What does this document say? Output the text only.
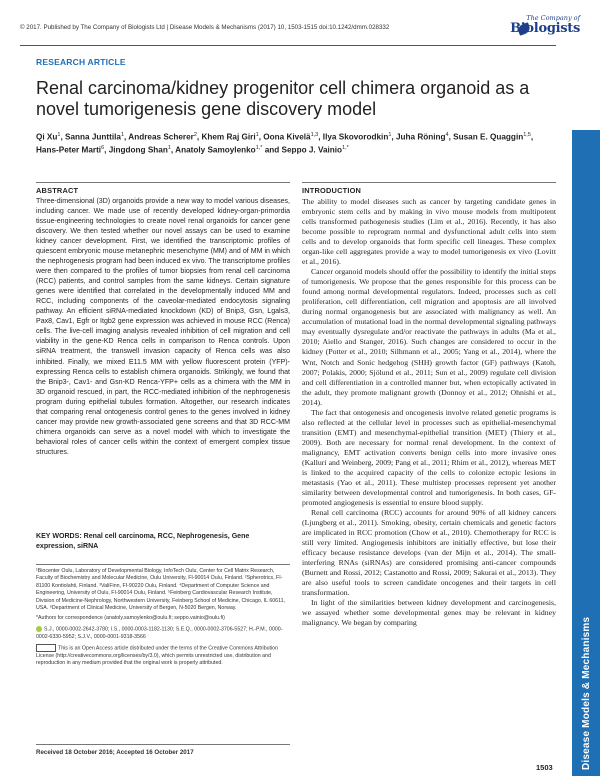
© 2017. Published by The Company of Biologists Ltd | Disease Models & Mechanisms (2017) 10, 1503-1515 doi:10.1242/dmm.028332
The Company of
Biologists
RESEARCH ARTICLE
Renal carcinoma/kidney progenitor cell chimera organoid as a novel tumorigenesis gene discovery model
Qi Xu$^1$, Sanna Junttila$^1$, Andreas Scherer$^2$, Khem Raj Giri$^1$, Oona Kivelä$^{1,3}$, Ilya Skovorodkin$^1$, Juha Röning$^4$, Susan E. Quaggin$^{1,5}$, Hans-Peter Marti$^6$, Jingdong Shan$^1$, Anatoly Samoylenko$^{1,*}$ and Seppo J. Vainio$^{1,*}$
ABSTRACT
Three-dimensional (3D) organoids provide a new way to model various diseases, including cancer. We made use of recently developed kidney-organ-primordia tissue-engineering technologies to create novel renal organoids for cancer gene discovery. We then tested whether our novel assays can be used to examine kidney cancer development. First, we identified the transcriptomic profiles of quiescent embryonic mouse metanephric mesenchyme (MM) and of MM in which the nephrogenesis program had been induced ex vivo. The transcriptome profiles were then compared to the profiles of tumor biopsies from renal cell carcinoma (RCC) patients, and control samples from the same kidneys. Certain signature genes were identified that correlated in the developmentally induced MM and RCC, including components of the caveolar-mediated endocytosis signaling pathway. An efficient siRNA-mediated knockdown (KD) of Bnip3, Gsn, Lgals3, Pax8, Cav1, Egfr or Itgb2 gene expression was achieved in mouse RCC (Renca) cells. The live-cell imaging analysis revealed inhibition of cell migration and cell viability in the gene-KD Renca cells in comparison to Renca controls. Upon siRNA treatment, the transwell invasion capacity of Renca cells was also inhibited. Finally, we mixed E11.5 MM with yellow fluorescent protein (YFP)-expressing Renca cells to establish chimera organoids. Strikingly, we found that the Bnip3-, Cav1- and Gsn-KD Renca-YFP+ cells as a chimera with the MM in 3D organoid rescued, in part, the RCC-mediated inhibition of the nephrogenesis program during epithelial tubules formation. Altogether, our research indicates that comparing renal ontogenesis control genes to the genes involved in kidney cancer may provide new growth-associated gene screens and that 3D RCC-MM chimera organoids can serve as a novel model with which to investigate the behavioral roles of cancer cells within the context of emergent complex tissue structures.
KEY WORDS: Renal cell carcinoma, RCC, Nephrogenesis, Gene expression, siRNA

¹Biocenter Oulu, Laboratory of Developmental Biology, InfoTech Oulu, Center for Cell Matrix Research, Faculty of Biochemistry and Molecular Medicine, Oulu University, FI-90014 Oulu, Finland. ²Spherotrics, FI-81100 Kontiolahti, Finland. ³ValiFinn, FI-90220 Oulu, Finland. ⁴Department of Computer Science and Engineering, University of Oulu, FI-90014 Oulu, Finland. ⁵Feinberg Cardiovascular Research Institute, Division of Medicine-Nephrology, Northwestern University, Feinberg School of Medicine, Chicago, IL 60611, USA. ⁶Department of Clinical Medicine, University of Bergen, N-5020 Bergen, Norway.

*Authors for correspondence (anatoly.samoylenko@oulu.fi; seppo.vainio@oulu.fi)

S.J., 0000-0002-2642-3780; I.S., 0000-0003-1182-1130; S.E.Q., 0000-0002-3706-5527; H.-P.M., 0000-0002-6330-5952; S.J.V., 0000-0001-9318-3566

This is an Open Access article distributed under the terms of the Creative Commons Attribution License (http://creativecommons.org/licenses/by/3.0), which permits unrestricted use, distribution and reproduction in any medium provided that the original work is properly attributed.

Received 18 October 2016; Accepted 16 October 2017
INTRODUCTION

The ability to model diseases such as cancer by targeting candidate genes in embryonic stem cells and by making in vivo mouse models from multipotent cells transformed pathogenesis studies (Lim et al., 2016). Recently, it has also become possible to reprogram normal and dysfunctional adult cells into stem cells and to develop organoids that form specific cell lineages. These complex organ-like cell aggregates provide a way to model tumorigenesis ex vivo (Lovitt et al., 2016).

Cancer organoid models should offer the possibility to identify the initial steps of tumorigenesis. We propose that the genes responsible for this process can be found among normal developmental regulators. Indeed, processes such as cell proliferation, cell differentiation, cell migration and apoptosis are all involved during normal organogenesis but are associated with malignancy as well. An accumulation of mutational load in the normal developmental signaling pathways may eventually dysregulate and/or reactivate the pathways in adults (Ma et al., 2010; Aiello and Stanger, 2016). Such changes are considered to occur in the kidney (Potter et al., 2010; Silhmann et al., 2005; Yang et al., 2014), where the Wnt, Notch and Sonic hedgehog (SHH) growth factor (GF) pathways (Katoh, 2007; Polakis, 2000; Sjölund et al., 2011; Sun et al., 2009) regulate cell division and cell differentiation in a controlled manner but, when ectopically activated in the adult, they promote malignant growth (Donnoy et al., 2012; Ohnishi et al., 2014).

The fact that ontogenesis and oncogenesis involve related genetic programs is also reflected at the cellular level in processes such as epithelial-mesenchymal transition (EMT) and mesenchymal-epithelial transition (MET) (Thiery et al., 2009). Both are necessary for normal renal development. In the context of malignancy, EMT activation converts benign cells into more invasive ones (Kalluri and Weinberg, 2009; Pang et al., 2011; Rhim et al., 2012), whereas MET is linked to the acquired capacity of the cells to colonize ectopic lesions in metastasis (Yao et al., 2011). These multistep processes represent yet another similarity between developmental control and tumorigenesis. In both cases, GF-promoted angiogenesis is essential to ensure blood supply.

Renal cell carcinoma (RCC) accounts for around 90% of all kidney cancers (Ljungberg et al., 2011). Smoking, obesity, certain chemicals and genetic factors are implicated in RCC promotion (Chow et al., 2010). Chemotherapy for RCC is still very limited. Angiogenesis inhibitors are initially effective, but lose their efficacy because resistance develops (van der Mijn et al., 2014). The small-interfering RNAs (siRNAs) are considered promising anti-cancer compounds (Burnett and Rossi, 2012; Castanotto and Rossi, 2009; Sakurai et al., 2013). They are also useful tools to screen candidate oncogenes and their targets in cell transformation.

In light of the similarities between kidney development and carcinogenesis, we assayed whether some developmental genes may be relevant in kidney malignancy. We began by comparing	Disease Models & Mechanisms
1503
